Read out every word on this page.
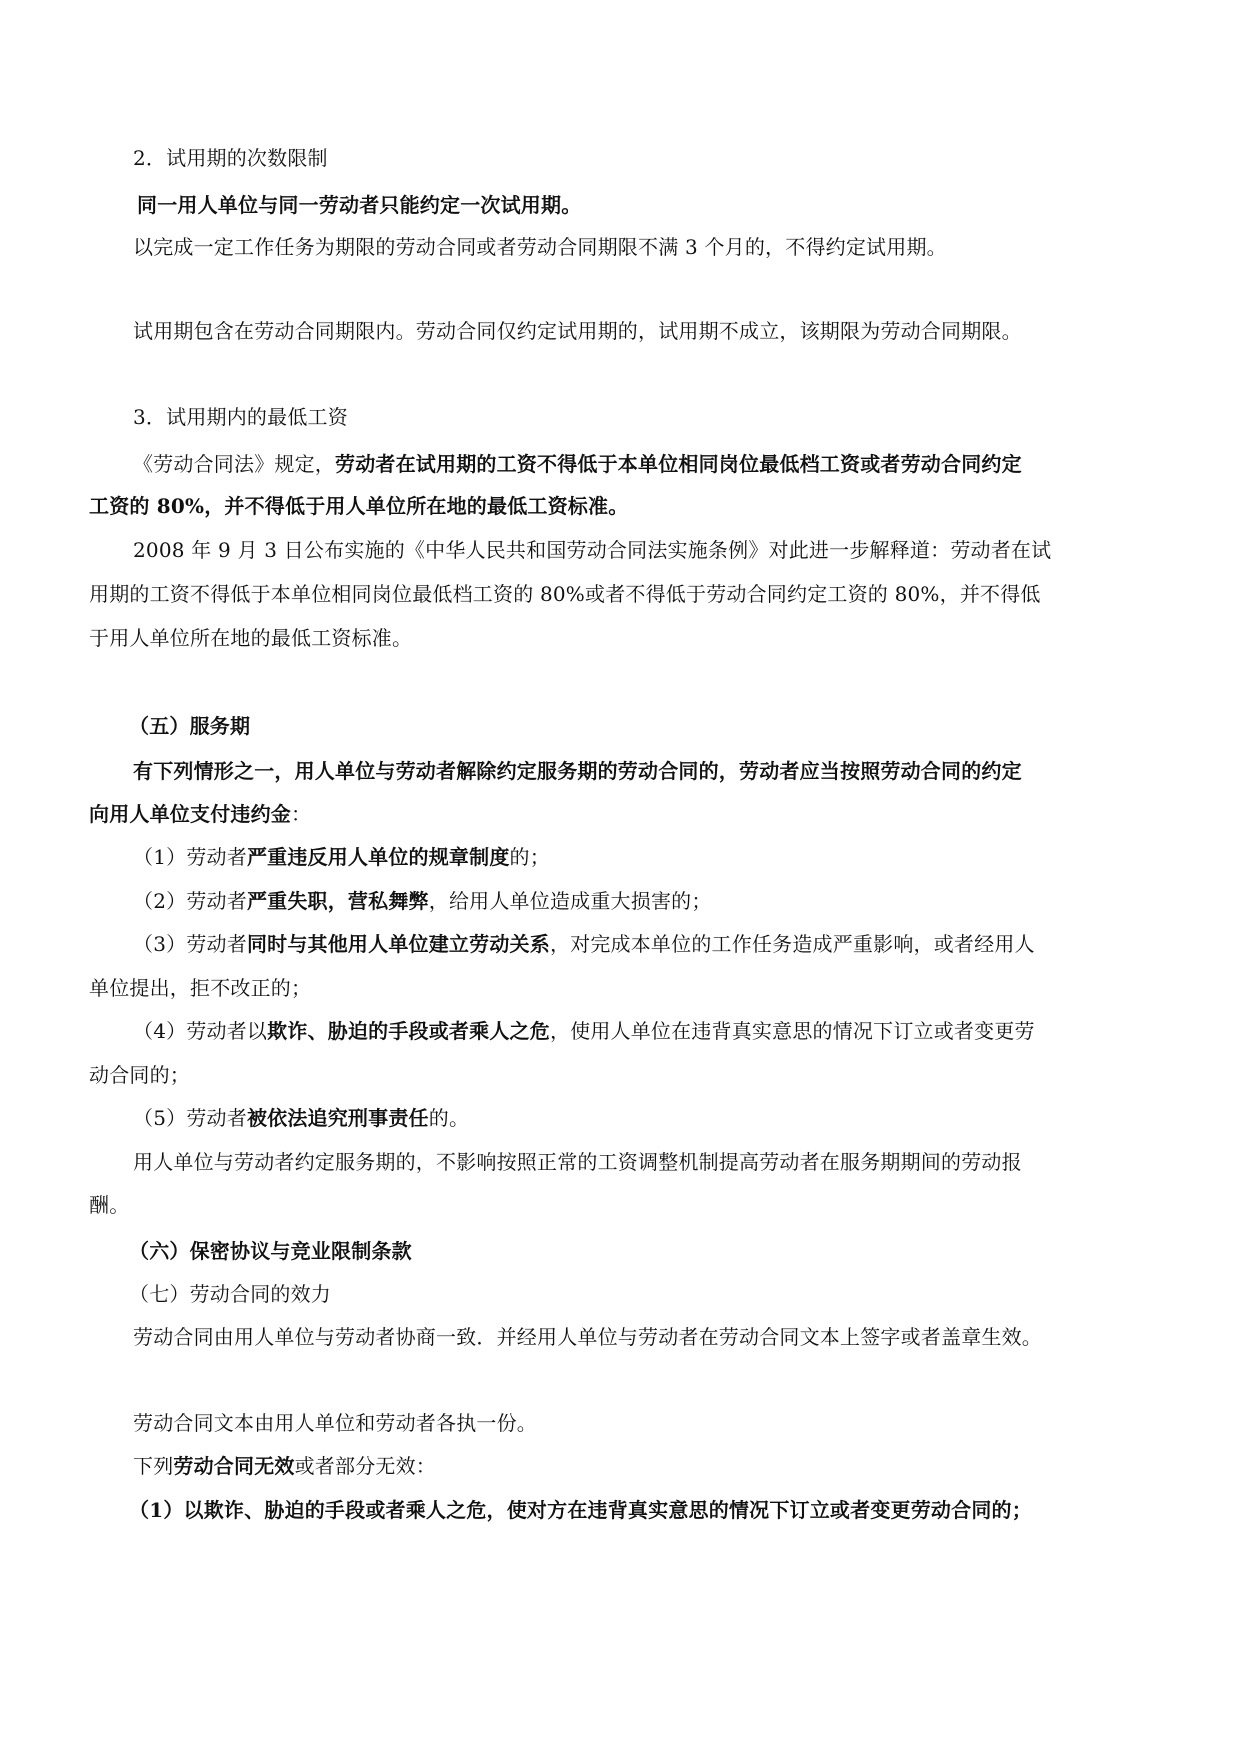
2．试用期的次数限制
同一用人单位与同一劳动者只能约定一次试用期。
以完成一定工作任务为期限的劳动合同或者劳动合同期限不满 3 个月的，不得约定试用期。
试用期包含在劳动合同期限内。劳动合同仅约定试用期的，试用期不成立，该期限为劳动合同期限。
3．试用期内的最低工资
《劳动合同法》规定，劳动者在试用期的工资不得低于本单位相同岗位最低档工资或者劳动合同约定
工资的 80%，并不得低于用人单位所在地的最低工资标准。
2008 年 9 月 3 日公布实施的《中华人民共和国劳动合同法实施条例》对此进一步解释道：劳动者在试
用期的工资不得低于本单位相同岗位最低档工资的 80%或者不得低于劳动合同约定工资的 80%，并不得低
于用人单位所在地的最低工资标准。
（五）服务期
有下列情形之一，用人单位与劳动者解除约定服务期的劳动合同的，劳动者应当按照劳动合同的约定
向用人单位支付违约金：
（1）劳动者严重违反用人单位的规章制度的；
（2）劳动者严重失职，营私舞弊，给用人单位造成重大损害的；
（3）劳动者同时与其他用人单位建立劳动关系，对完成本单位的工作任务造成严重影响，或者经用人
单位提出，拒不改正的；
（4）劳动者以欺诈、胁迫的手段或者乘人之危，使用人单位在违背真实意思的情况下订立或者变更劳
动合同的；
（5）劳动者被依法追究刑事责任的。
用人单位与劳动者约定服务期的，不影响按照正常的工资调整机制提高劳动者在服务期期间的劳动报
酬。
（六）保密协议与竞业限制条款
（七）劳动合同的效力
劳动合同由用人单位与劳动者协商一致．并经用人单位与劳动者在劳动合同文本上签字或者盖章生效。
劳动合同文本由用人单位和劳动者各执一份。
下列劳动合同无效或者部分无效：
（1）以欺诈、胁迫的手段或者乘人之危，使对方在违背真实意思的情况下订立或者变更劳动合同的；
